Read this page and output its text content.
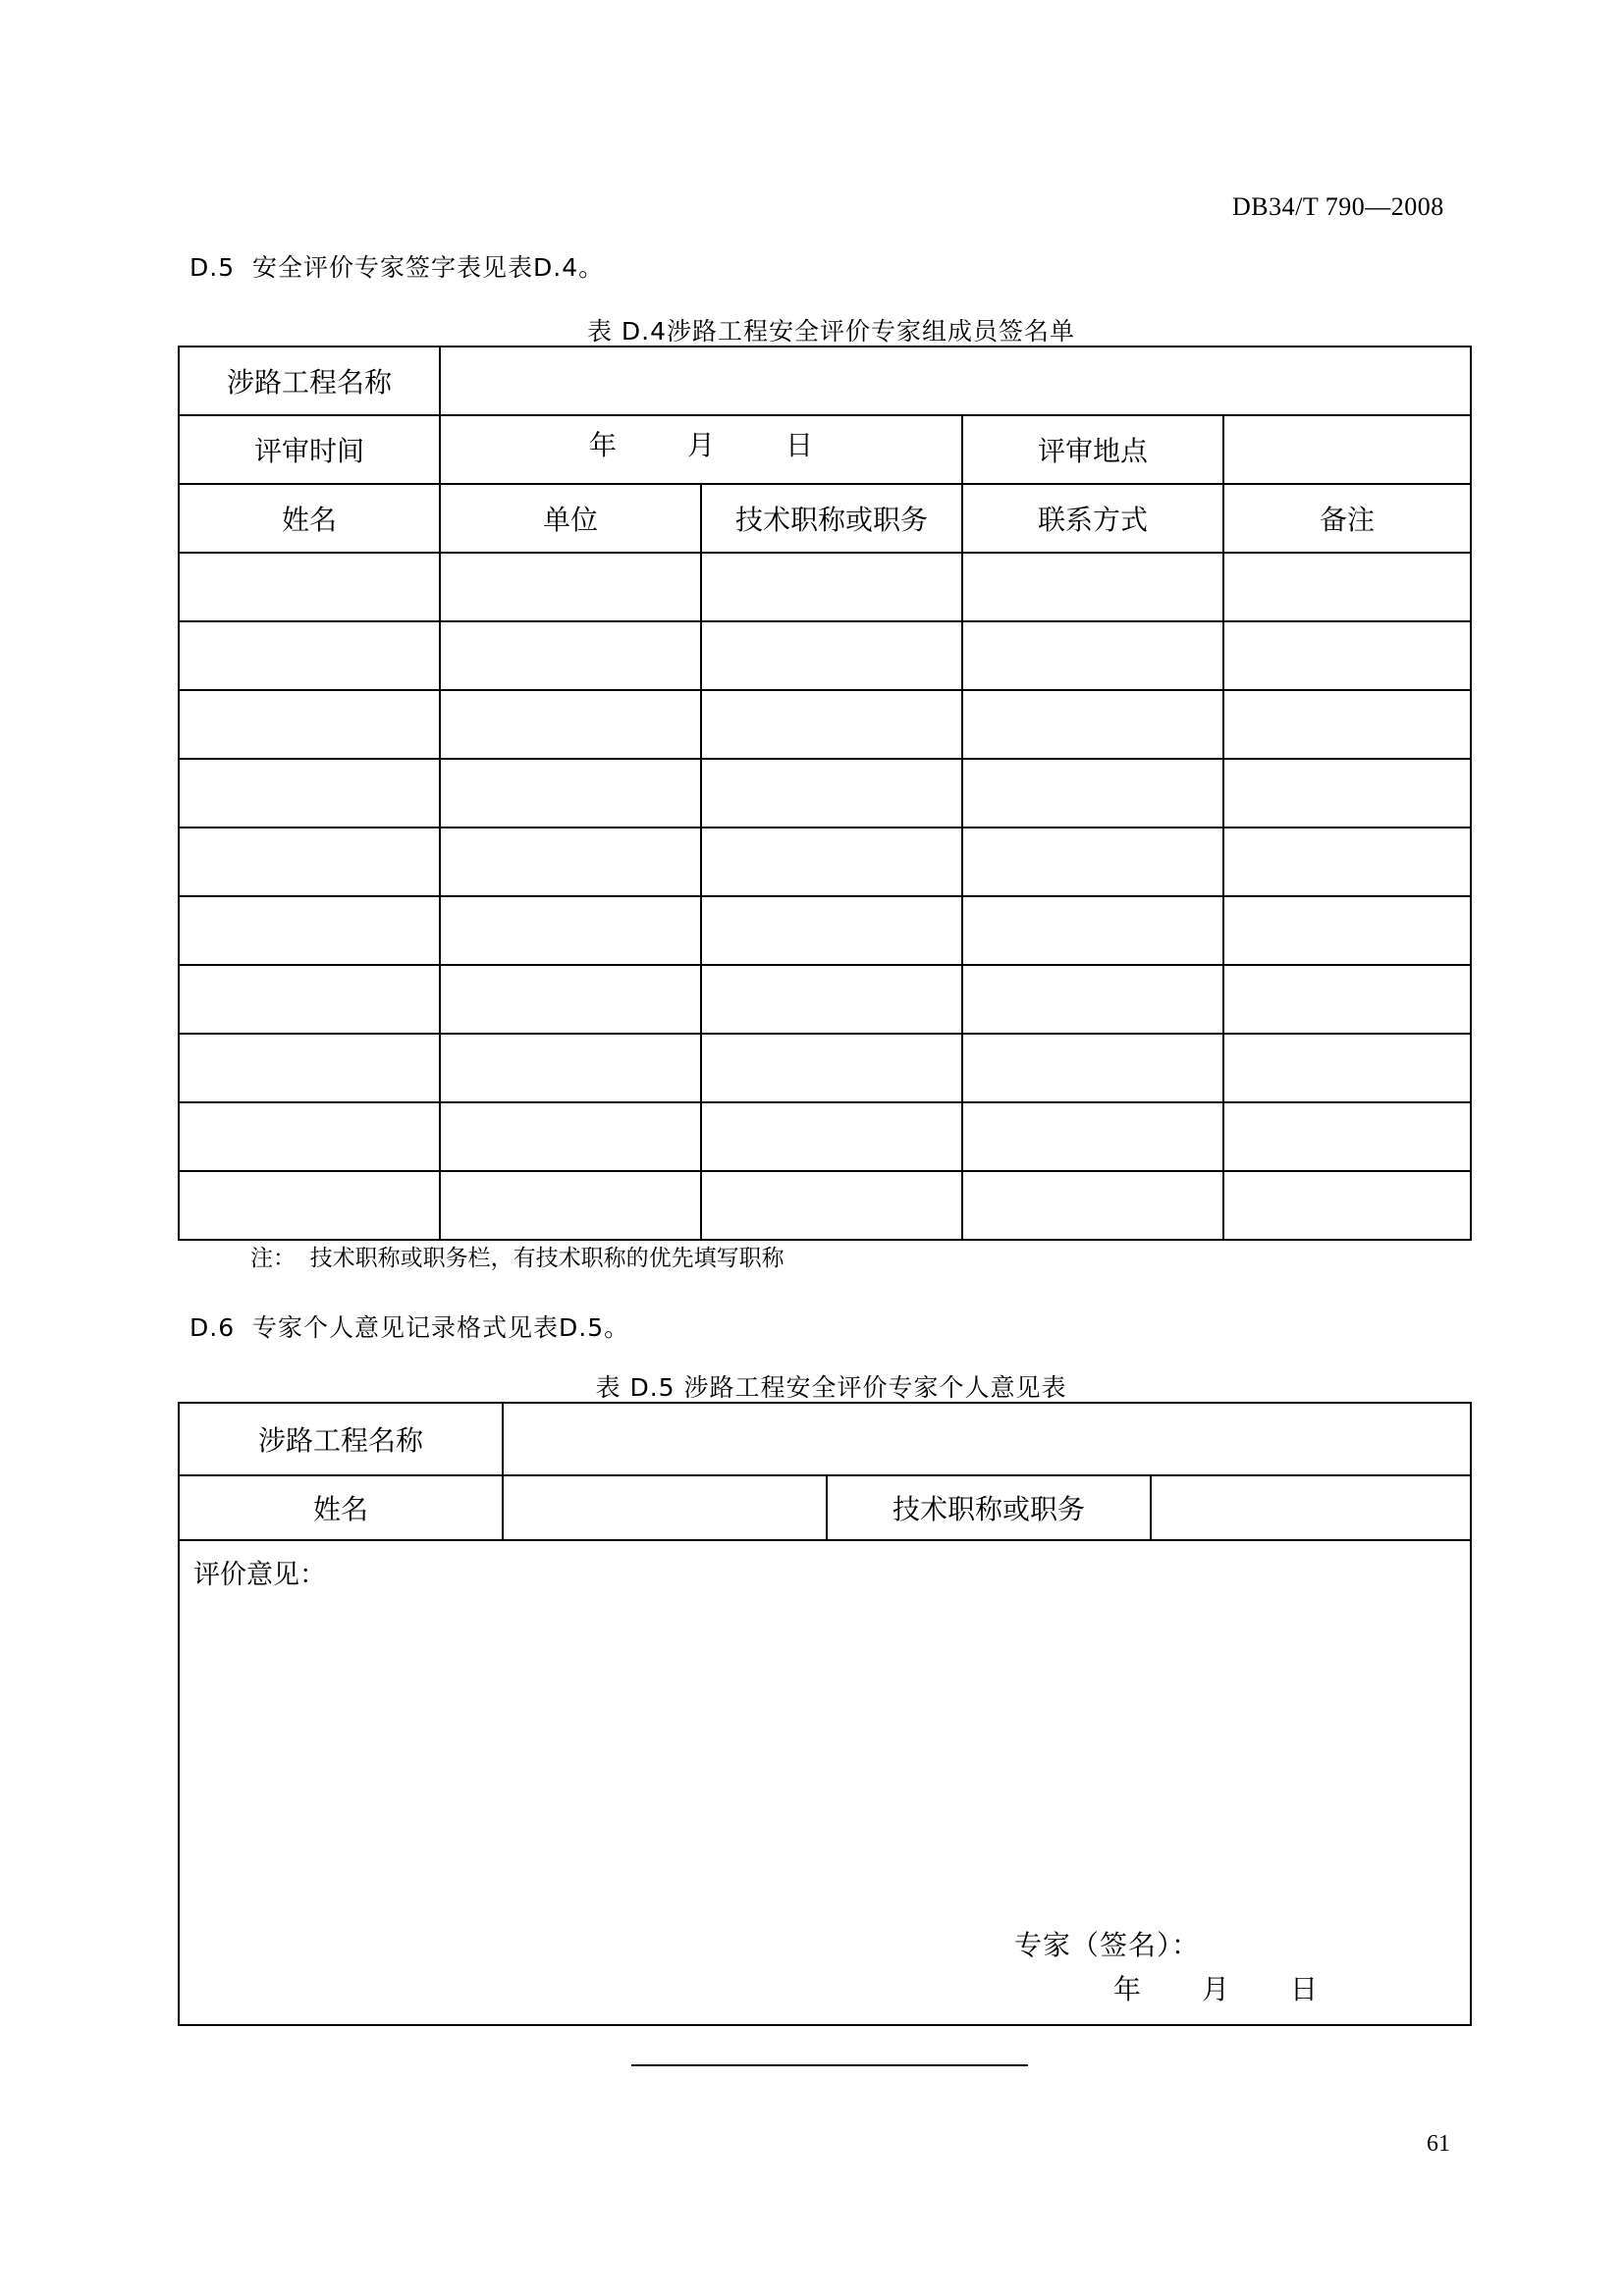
DB34/T 790—2008
D.5  安全评价专家签字表见表D.4。
表 D.4涉路工程安全评价专家组成员签名单
涉路工程名称				
评审时间	年 月 日		评审地点	
姓名	单位	技术职称或职务	联系方式	备注

注：  技术职称或职务栏，有技术职称的优先填写职称
D.6  专家个人意见记录格式见表D.5。
表 D.5 涉路工程安全评价专家个人意见表
涉路工程名称			
姓名		技术职称或职务	

评价意见：
专家（签名）：
年 月 日			
61
